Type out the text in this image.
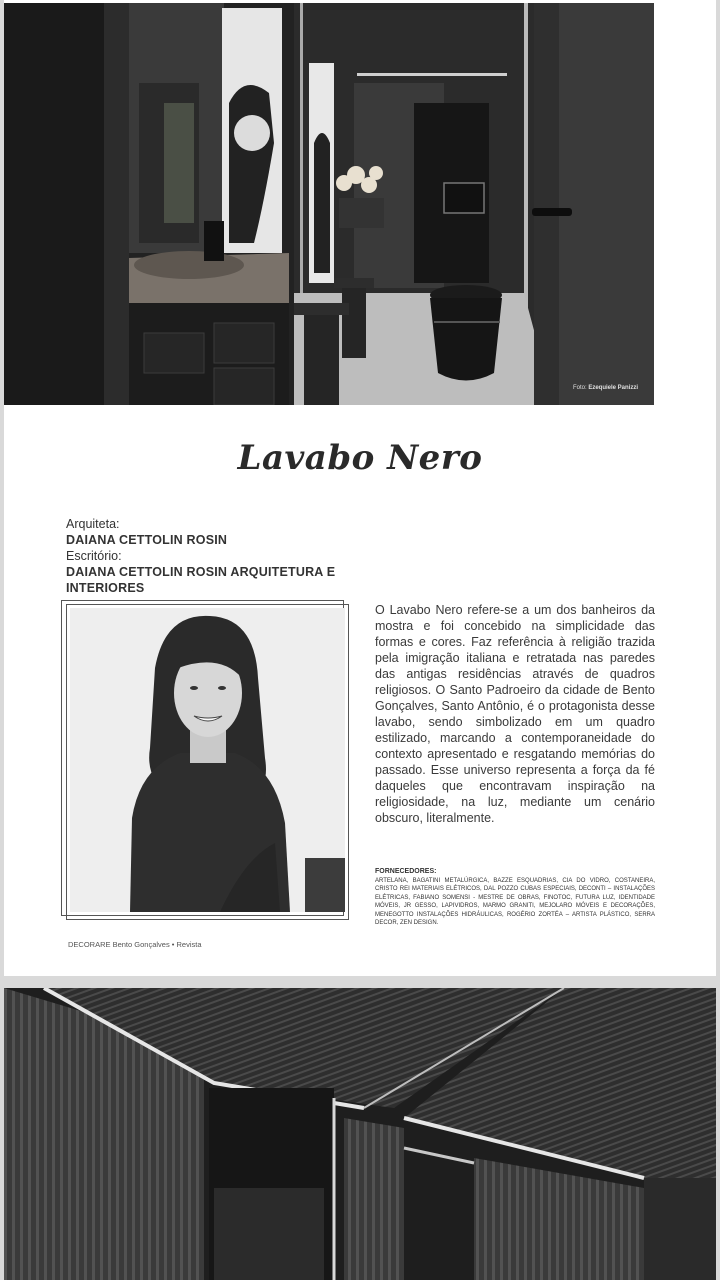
Foto: Ezequiele Panizzi
Lavabo Nero
Arquiteta:
DAIANA CETTOLIN ROSIN
Escritório:
DAIANA CETTOLIN ROSIN ARQUITETURA E INTERIORES

O Lavabo Nero refere-se a um dos banheiros da mostra e foi concebido na simplicidade das formas e cores. Faz referência à religião trazida pela imigração italiana e retratada nas paredes das antigas residências através de quadros religiosos. O Santo Padroeiro da cidade de Bento Gonçalves, Santo Antônio, é o protagonista desse lavabo, sendo simbolizado em um quadro estilizado, marcando a contemporaneidade do contexto apresentado e resgatando memórias do passado. Esse universo representa a força da fé daqueles que encontravam inspiração na religiosidade, na luz, mediante um cenário obscuro, literalmente.

FORNECEDORES:
ARTELANA, BAGATINI METALÚRGICA, BAZZE ESQUADRIAS, CIA DO VIDRO, COSTANEIRA, CRISTO REI MATERIAIS ELÉTRICOS, DAL POZZO CUBAS ESPECIAIS, DECONTI – INSTALAÇÕES ELÉTRICAS, FABIANO SOMENSI - MESTRE DE OBRAS, FINOTOC, FUTURA LUZ, IDENTIDADE MÓVEIS, JR GESSO, LAPIVIDROS, MARMO GRANITI, MEJOLARO MÓVEIS E DECORAÇÕES, MENEGOTTO INSTALAÇÕES HIDRÁULICAS, ROGÉRIO ZORTÉA – ARTISTA PLÁSTICO, SERRA DECOR, ZEN DESIGN.
DECORARE Bento Gonçalves • Revista
